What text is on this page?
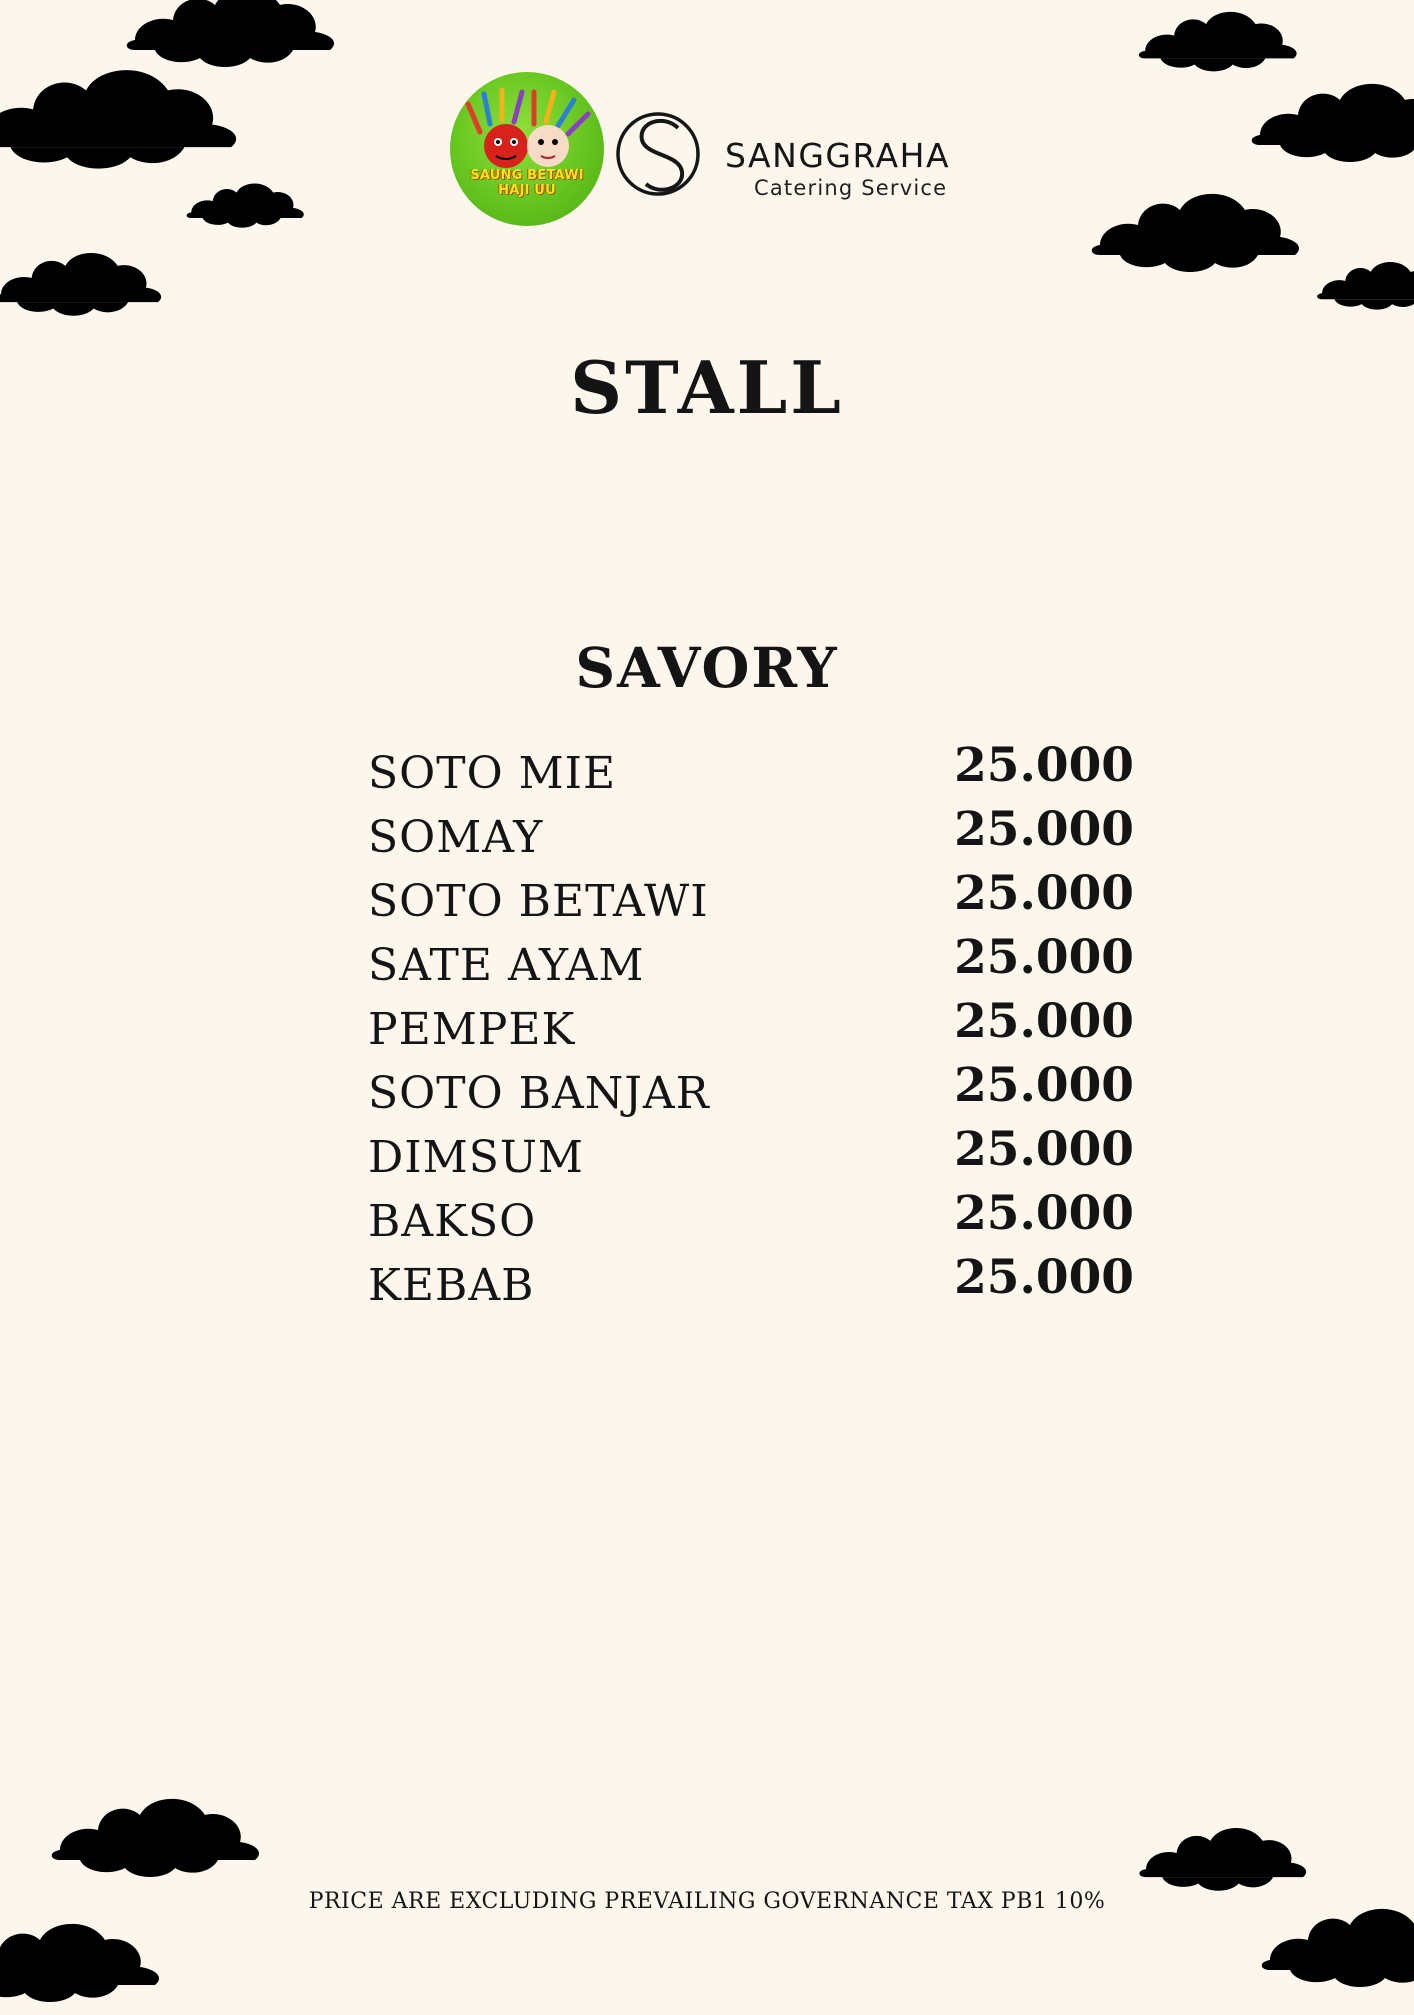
SAUNG BETAWI
HAJI UU
SANGGRAHA
Catering Service
STALL
SAVORY
SOTO MIE	25.000
SOMAY	25.000
SOTO BETAWI	25.000
SATE AYAM	25.000
PEMPEK	25.000
SOTO BANJAR	25.000
DIMSUM	25.000
BAKSO	25.000
KEBAB	25.000
PRICE ARE EXCLUDING PREVAILING GOVERNANCE TAX PB1 10%
